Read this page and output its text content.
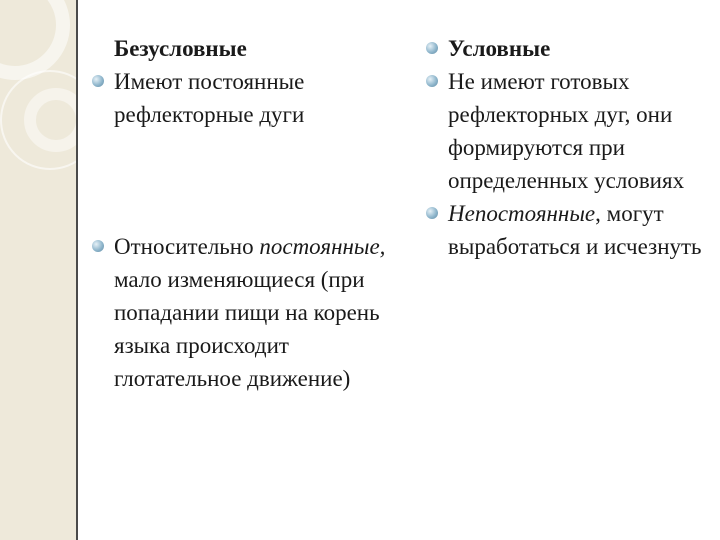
Безусловные
Имеют постоянные рефлекторные дуги
Относительно постоянные, мало изменяющиеся (при попадании пищи на корень языка происходит глотательное движение)
Условные
Не имеют готовых рефлекторных дуг, они формируются при определенных условиях
Непостоянные, могут выработаться и исчезнуть
